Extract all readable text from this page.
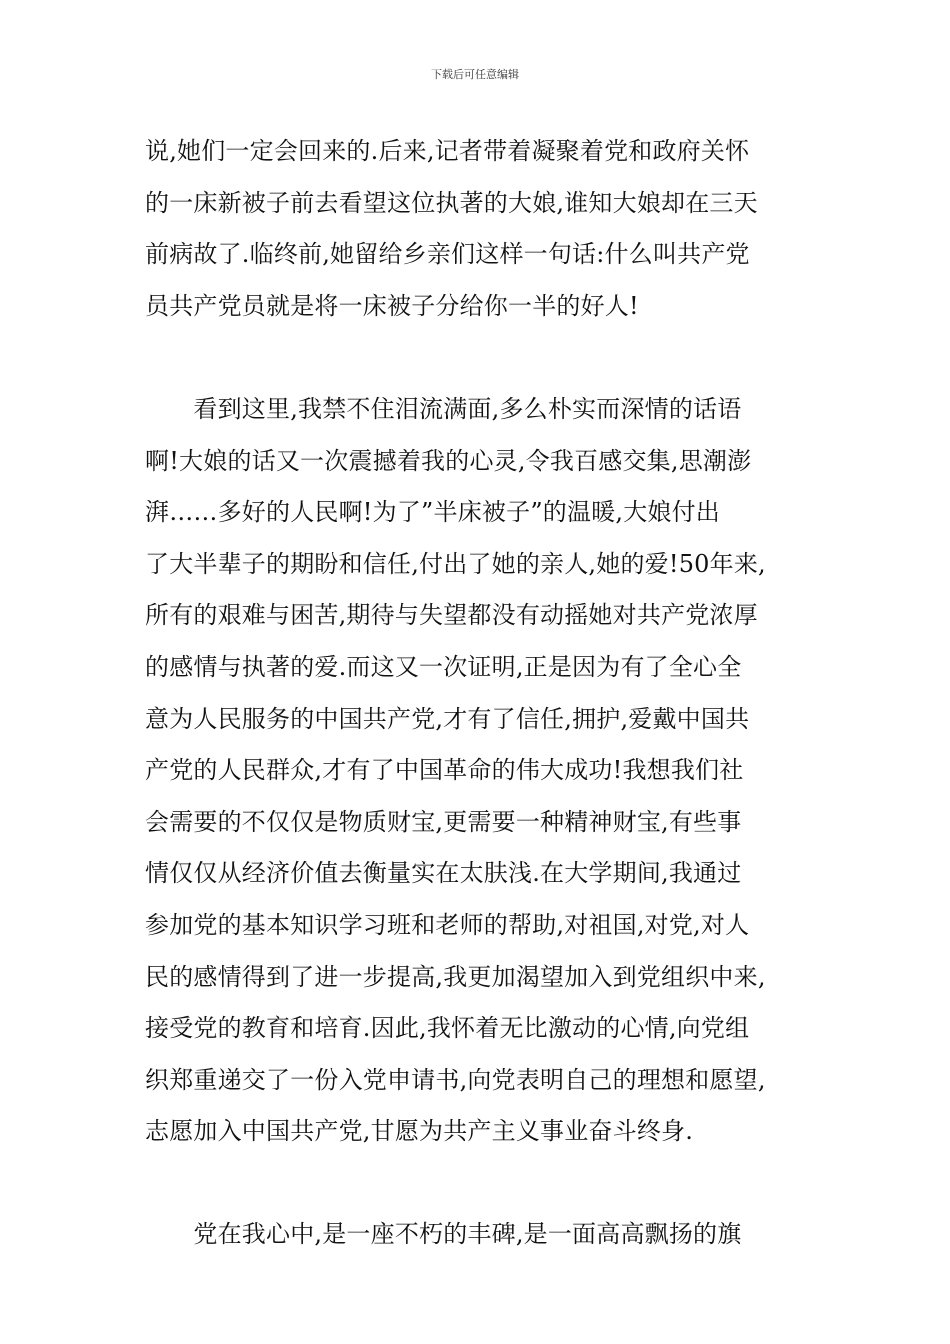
下载后可任意编辑
说,她们一定会回来的.后来,记者带着凝聚着党和政府关怀
的一床新被子前去看望这位执著的大娘,谁知大娘却在三天
前病故了.临终前,她留给乡亲们这样一句话:什么叫共产党
员共产党员就是将一床被子分给你一半的好人!
　　看到这里,我禁不住泪流满面,多么朴实而深情的话语
啊!大娘的话又一次震撼着我的心灵,令我百感交集,思潮澎
湃……多好的人民啊!为了”半床被子”的温暖,大娘付出
了大半辈子的期盼和信任,付出了她的亲人,她的爱!50年来,
所有的艰难与困苦,期待与失望都没有动摇她对共产党浓厚
的感情与执著的爱.而这又一次证明,正是因为有了全心全
意为人民服务的中国共产党,才有了信任,拥护,爱戴中国共
产党的人民群众,才有了中国革命的伟大成功!我想我们社
会需要的不仅仅是物质财宝,更需要一种精神财宝,有些事
情仅仅从经济价值去衡量实在太肤浅.在大学期间,我通过
参加党的基本知识学习班和老师的帮助,对祖国,对党,对人
民的感情得到了进一步提高,我更加渴望加入到党组织中来,
接受党的教育和培育.因此,我怀着无比激动的心情,向党组
织郑重递交了一份入党申请书,向党表明自己的理想和愿望,
志愿加入中国共产党,甘愿为共产主义事业奋斗终身.
　　党在我心中,是一座不朽的丰碑,是一面高高飘扬的旗
